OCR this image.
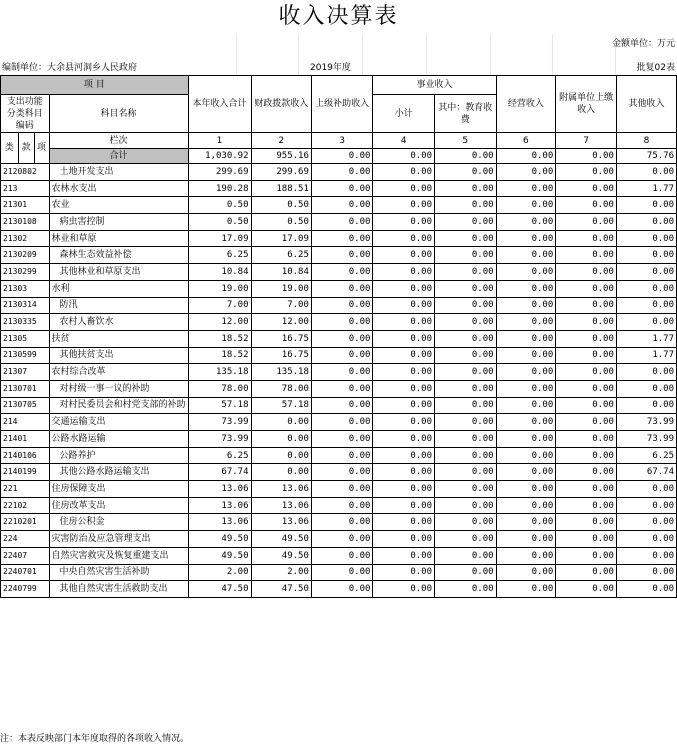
收入决算表
金额单位：万元
编制单位：大余县河洞乡人民政府	2019年度	批复02表
项 目				本年收入合计	财政拨款收入	上级补助收入	事业收入		经营收入	附属单位上缴收入	其他收入
支出功能分类科目编码			科目名称				小计	其中：教育收费			

类	款	项	栏次	1	2	3	4	5	6	7	8
			合计	1,030.92	955.16	0.00	0.00	0.00	0.00	0.00	75.76
2120802			土地开发支出	299.69	299.69	0.00	0.00	0.00	0.00	0.00	0.00
213			农林水支出	190.28	188.51	0.00	0.00	0.00	0.00	0.00	1.77
21301			农业	0.50	0.50	0.00	0.00	0.00	0.00	0.00	0.00
2130108			病虫害控制	0.50	0.50	0.00	0.00	0.00	0.00	0.00	0.00
21302			林业和草原	17.09	17.09	0.00	0.00	0.00	0.00	0.00	0.00
2130209			森林生态效益补偿	6.25	6.25	0.00	0.00	0.00	0.00	0.00	0.00
2130299			其他林业和草原支出	10.84	10.84	0.00	0.00	0.00	0.00	0.00	0.00
21303			水利	19.00	19.00	0.00	0.00	0.00	0.00	0.00	0.00
2130314			防汛	7.00	7.00	0.00	0.00	0.00	0.00	0.00	0.00
2130335			农村人畜饮水	12.00	12.00	0.00	0.00	0.00	0.00	0.00	0.00
21305			扶贫	18.52	16.75	0.00	0.00	0.00	0.00	0.00	1.77
2130599			其他扶贫支出	18.52	16.75	0.00	0.00	0.00	0.00	0.00	1.77
21307			农村综合改革	135.18	135.18	0.00	0.00	0.00	0.00	0.00	0.00
2130701			对村级一事一议的补助	78.00	78.00	0.00	0.00	0.00	0.00	0.00	0.00
2130705			对村民委员会和村党支部的补助	57.18	57.18	0.00	0.00	0.00	0.00	0.00	0.00
214			交通运输支出	73.99	0.00	0.00	0.00	0.00	0.00	0.00	73.99
21401			公路水路运输	73.99	0.00	0.00	0.00	0.00	0.00	0.00	73.99
2140106			公路养护	6.25	0.00	0.00	0.00	0.00	0.00	0.00	6.25
2140199			其他公路水路运输支出	67.74	0.00	0.00	0.00	0.00	0.00	0.00	67.74
221			住房保障支出	13.06	13.06	0.00	0.00	0.00	0.00	0.00	0.00
22102			住房改革支出	13.06	13.06	0.00	0.00	0.00	0.00	0.00	0.00
2210201			住房公积金	13.06	13.06	0.00	0.00	0.00	0.00	0.00	0.00
224			灾害防治及应急管理支出	49.50	49.50	0.00	0.00	0.00	0.00	0.00	0.00
22407			自然灾害救灾及恢复重建支出	49.50	49.50	0.00	0.00	0.00	0.00	0.00	0.00
2240701			中央自然灾害生活补助	2.00	2.00	0.00	0.00	0.00	0.00	0.00	0.00
2240799			其他自然灾害生活救助支出	47.50	47.50	0.00	0.00	0.00	0.00	0.00	0.00
注：本表反映部门本年度取得的各项收入情况。
